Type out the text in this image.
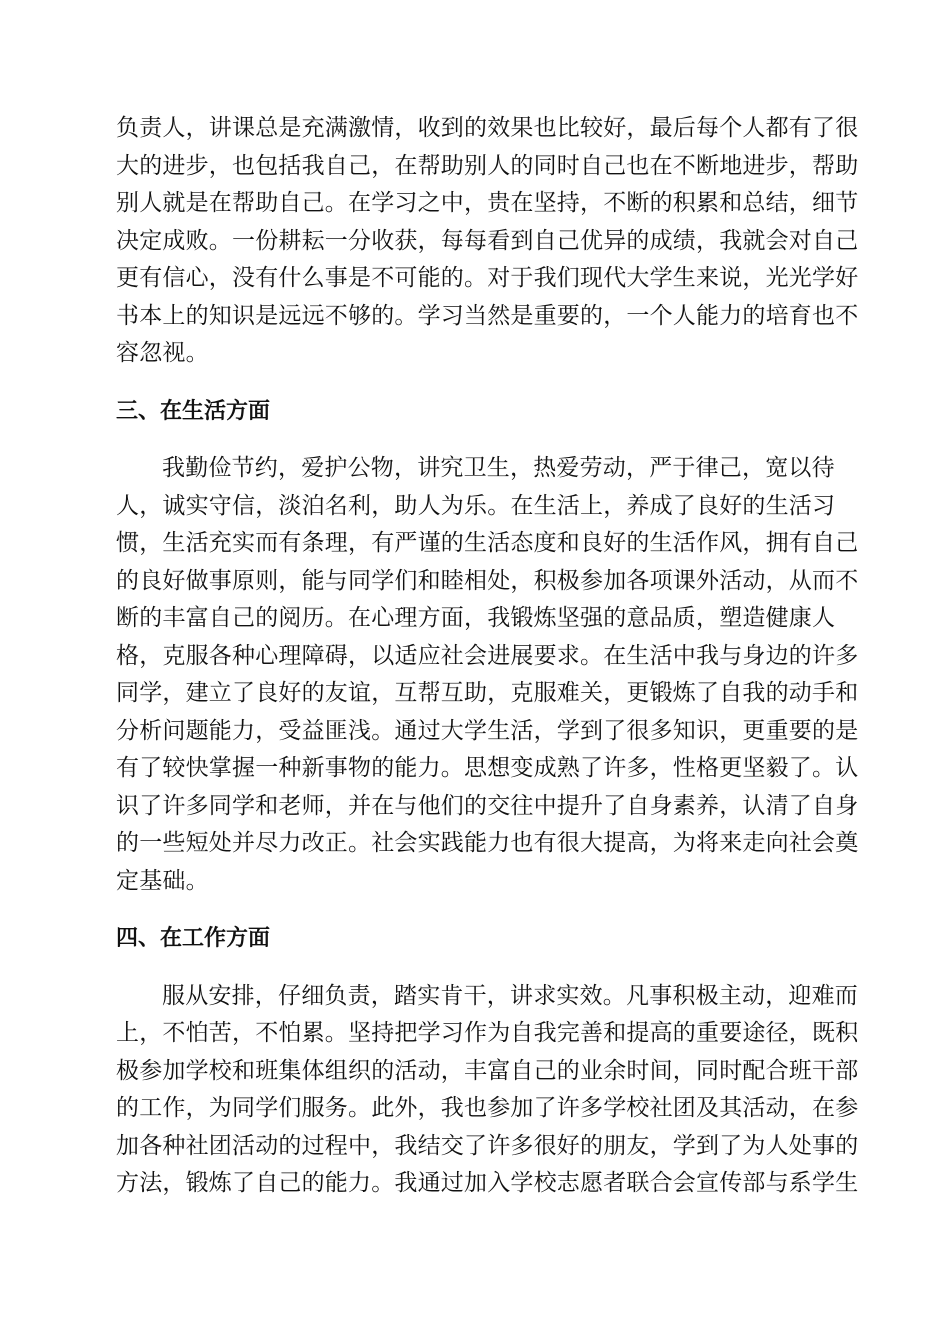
负责人，讲课总是充满激情，收到的效果也比较好，最后每个人都有了很
大的进步，也包括我自己，在帮助别人的同时自己也在不断地进步，帮助
别人就是在帮助自己。在学习之中，贵在坚持，不断的积累和总结，细节
决定成败。一份耕耘一分收获，每每看到自己优异的成绩，我就会对自己
更有信心，没有什么事是不可能的。对于我们现代大学生来说，光光学好
书本上的知识是远远不够的。学习当然是重要的，一个人能力的培育也不
容忽视。
三、在生活方面
我勤俭节约，爱护公物，讲究卫生，热爱劳动，严于律己，宽以待
人，诚实守信，淡泊名利，助人为乐。在生活上，养成了良好的生活习
惯，生活充实而有条理，有严谨的生活态度和良好的生活作风，拥有自己
的良好做事原则，能与同学们和睦相处，积极参加各项课外活动，从而不
断的丰富自己的阅历。在心理方面，我锻炼坚强的意品质，塑造健康人
格，克服各种心理障碍，以适应社会进展要求。在生活中我与身边的许多
同学，建立了良好的友谊，互帮互助，克服难关，更锻炼了自我的动手和
分析问题能力，受益匪浅。通过大学生活，学到了很多知识，更重要的是
有了较快掌握一种新事物的能力。思想变成熟了许多，性格更坚毅了。认
识了许多同学和老师，并在与他们的交往中提升了自身素养，认清了自身
的一些短处并尽力改正。社会实践能力也有很大提高，为将来走向社会奠
定基础。
四、在工作方面
服从安排，仔细负责，踏实肯干，讲求实效。凡事积极主动，迎难而
上，不怕苦，不怕累。坚持把学习作为自我完善和提高的重要途径，既积
极参加学校和班集体组织的活动，丰富自己的业余时间，同时配合班干部
的工作，为同学们服务。此外，我也参加了许多学校社团及其活动，在参
加各种社团活动的过程中，我结交了许多很好的朋友，学到了为人处事的
方法，锻炼了自己的能力。我通过加入学校志愿者联合会宣传部与系学生
